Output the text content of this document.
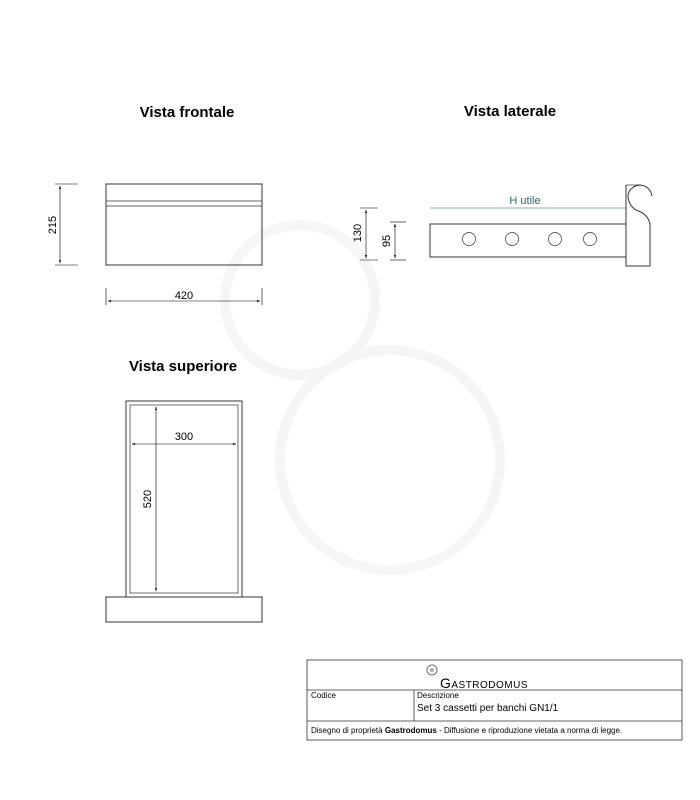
Vista frontale
215
420
Vista laterale
H utile
130 95
Vista superiore
300
520
Gastrodomus
Codice	Descrizione
Set 3 cassetti per banchi GN1/1
Disegno di proprietà Gastrodomus - Diffusione e riproduzione vietata a norma di legge.
